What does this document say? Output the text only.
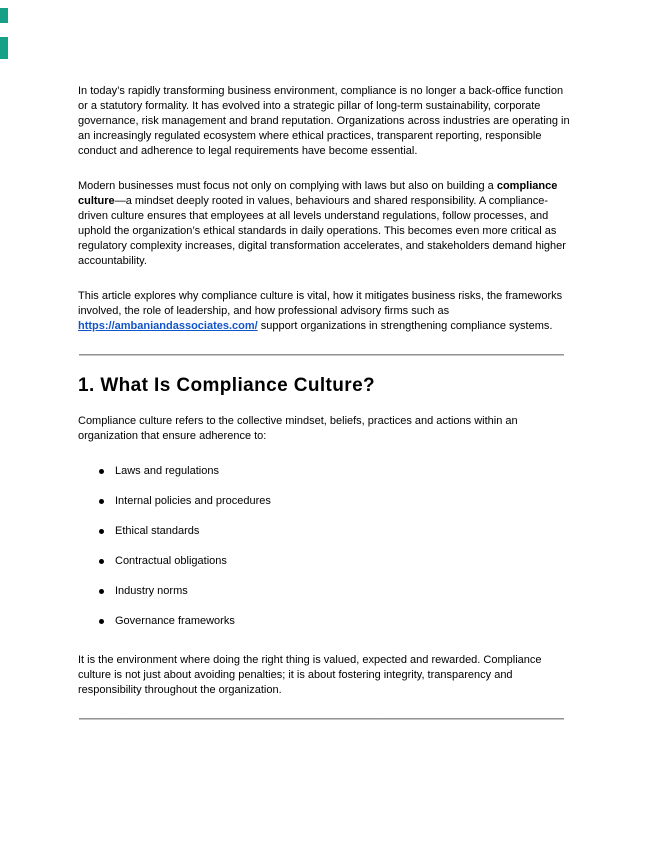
In today’s rapidly transforming business environment, compliance is no longer a back-office function or a statutory formality. It has evolved into a strategic pillar of long-term sustainability, corporate governance, risk management and brand reputation. Organizations across industries are operating in an increasingly regulated ecosystem where ethical practices, transparent reporting, responsible conduct and adherence to legal requirements have become essential.

Modern businesses must focus not only on complying with laws but also on building a compliance culture—a mindset deeply rooted in values, behaviours and shared responsibility. A compliance-driven culture ensures that employees at all levels understand regulations, follow processes, and uphold the organization’s ethical standards in daily operations. This becomes even more critical as regulatory complexity increases, digital transformation accelerates, and stakeholders demand higher accountability.

This article explores why compliance culture is vital, how it mitigates business risks, the frameworks involved, the role of leadership, and how professional advisory firms such as https://ambaniandassociates.com/ support organizations in strengthening compliance systems.

1. What Is Compliance Culture?

Compliance culture refers to the collective mindset, beliefs, practices and actions within an organization that ensure adherence to:

Laws and regulations
Internal policies and procedures
Ethical standards
Contractual obligations
Industry norms
Governance frameworks

It is the environment where doing the right thing is valued, expected and rewarded. Compliance culture is not just about avoiding penalties; it is about fostering integrity, transparency and responsibility throughout the organization.
